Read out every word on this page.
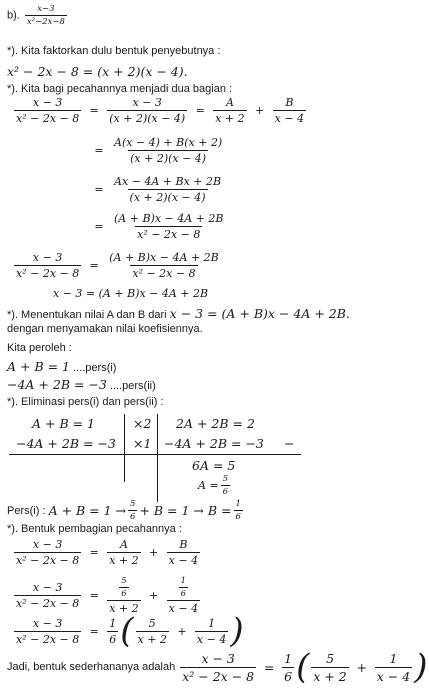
b). $\frac{x-3}{\text{x²−2x−8}}$
*). Kita faktorkan dulu bentuk penyebutnya :
x² − 2x − 8 = (x + 2)(x − 4).
*). Kita bagi pecahannya menjadi dua bagian :
$\frac{x - 3}{\text{x² − 2x − 8}} = \frac{x - 3}{(x + 2)(x - 4)} = \frac{A}{x + 2} + \frac{B}{x - 4}$
= $\frac{A(x - 4) + B(x + 2)}{(x + 2)(x - 4)}$
= $\frac{Ax - 4A + Bx + 2B}{(x + 2)(x - 4)}$
= $\frac{(A + B)x - 4A + 2B}{\text{x² − 2x − 8}}$
$\frac{x - 3}{\text{x² − 2x − 8}} = \frac{(A + B)x - 4A + 2B}{\text{x² − 2x − 8}}$
x − 3 = (A + B)x − 4A + 2B
*). Menentukan nilai A dan B dari x − 3 = (A + B)x − 4A + 2B.
dengan menyamakan nilai koefisiennya.
Kita peroleh :
A + B = 1 ....pers(i)
−4A + 2B = −3 ....pers(ii)
*). Eliminasi pers(i) dan pers(ii) :
A + B = 1	×2 2A + 2B = 2
−4A + 2B = −3 ×1 −4A + 2B = −3 −
6A = 5
$A = \frac{5}{6}$
Pers(i) :
$A + B = 1 \to \frac{5}{6} + B = 1 \to B = \frac{1}{6}$
*). Bentuk pembagian pecahannya :
$\frac{x - 3}{\text{x² − 2x − 8}} = \frac{A}{x + 2} + \frac{B}{x - 4}$
$\frac{x - 3}{\text{x² − 2x − 8}} = \frac{\frac{5}{6}}{x + 2} + \frac{\frac{1}{6}}{x - 4}$
$\frac{x - 3}{\text{x² − 2x − 8}} = \frac{1}{6}$ ( $\frac{5}{x + 2} + \frac{1}{x - 4}$ )
Jadi, bentuk sederhananya adalah
$\frac{x - 3}{\text{x² − 2x − 8}} = \frac{1}{6}$ ( $\frac{5}{x + 2} + \frac{1}{x - 4}$ )
